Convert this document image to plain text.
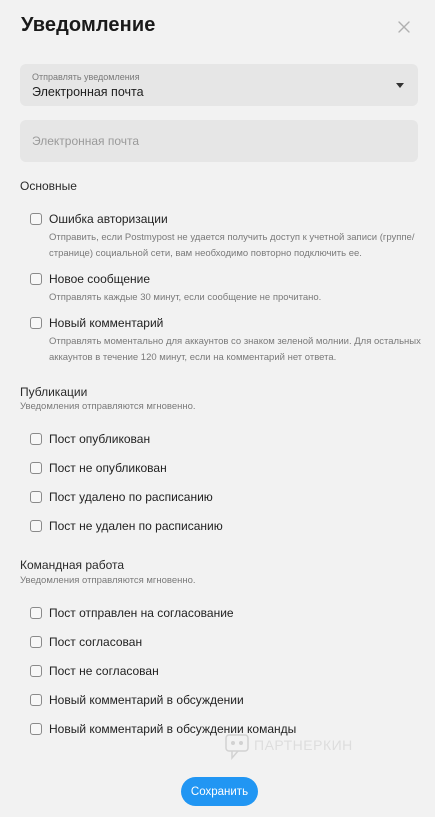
Уведомление
Отправлять уведомления
Электронная почта
Электронная почта
Основные
Ошибка авторизации
Отправить, если Postmypost не удается получить доступ к учетной записи (группе/странице) социальной сети, вам необходимо повторно подключить ее.
Новое сообщение
Отправлять каждые 30 минут, если сообщение не прочитано.
Новый комментарий
Отправлять моментально для аккаунтов со знаком зеленой молнии. Для остальных аккаунтов в течение 120 минут, если на комментарий нет ответа.
Публикации
Уведомления отправляются мгновенно.
Пост опубликован
Пост не опубликован
Пост удалено по расписанию
Пост не удален по расписанию
Командная работа
Уведомления отправляются мгновенно.
Пост отправлен на согласование
Пост согласован
Пост не согласован
Новый комментарий в обсуждении
Новый комментарий в обсуждении команды
ПАРТНЕРКИН
Сохранить
